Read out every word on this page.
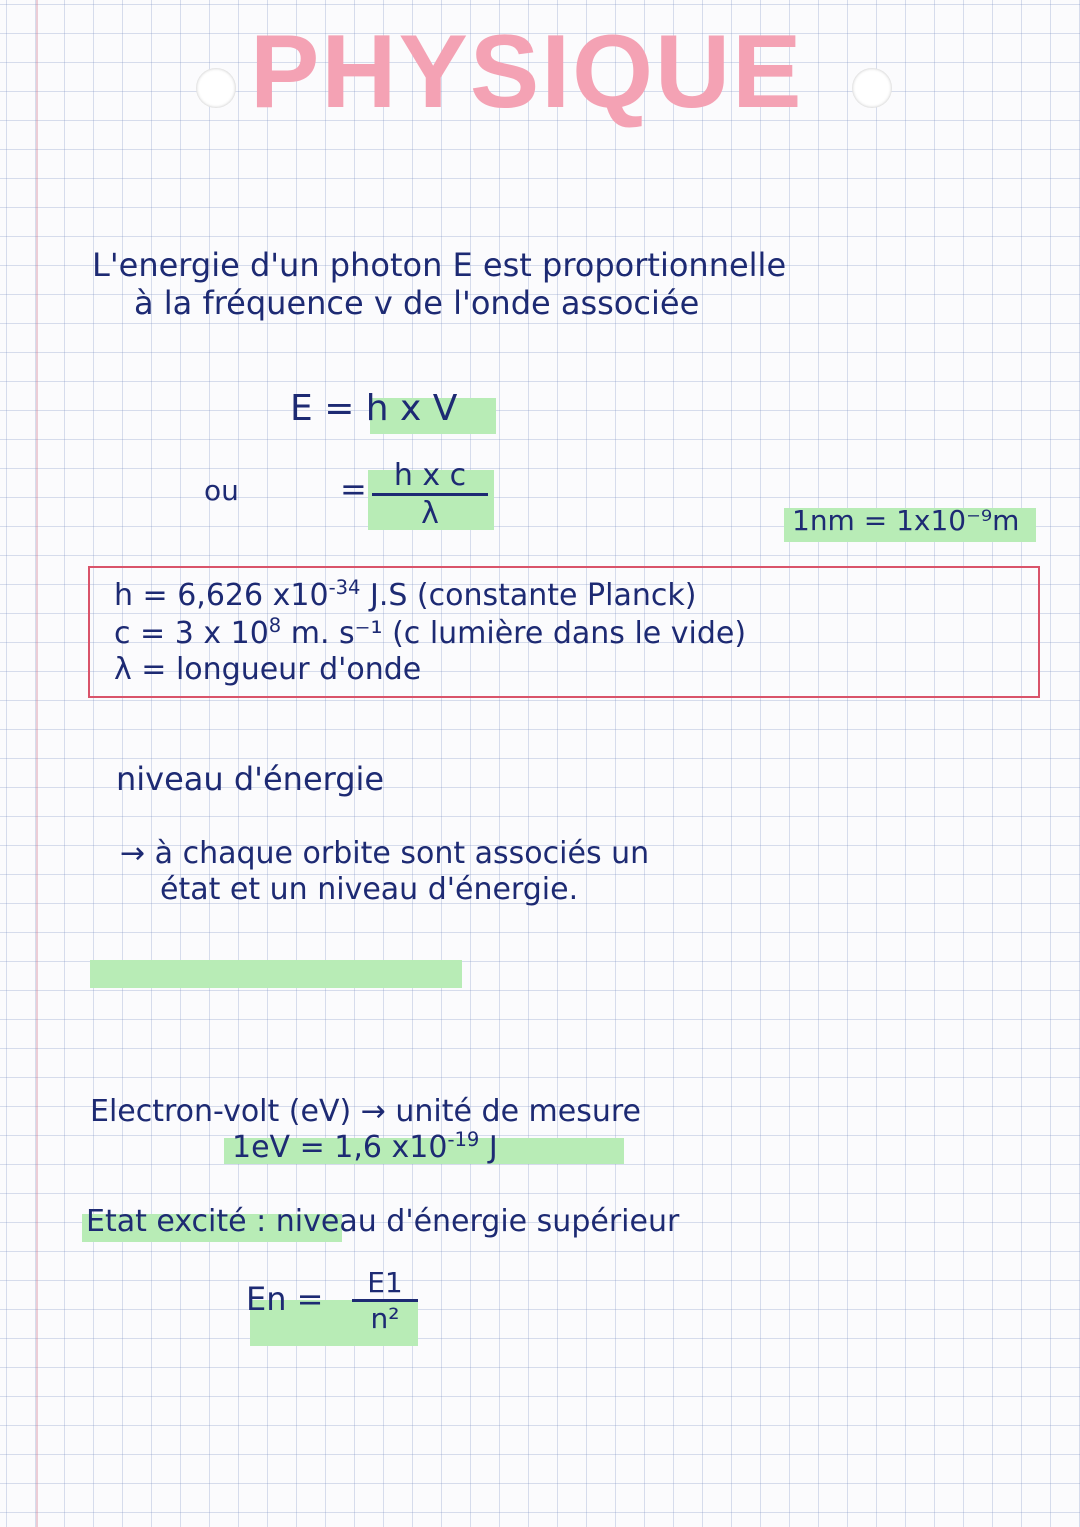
PHYSIQUE
L'energie d'un photon E est proportionnelle
à la fréquence v de l'onde associée
E = h x V
ou	= $\frac{\text{h x c}}{\lambda}$	1nm = 1x10⁻⁹m
h = 6,626 $x10^{-34}$ J.S (constante Planck)
c = 3 x $10^8$ m. s⁻¹ (c lumière dans le vide)
λ = longueur d'onde
niveau d'énergie
→ à chaque orbite sont associés un
état et un niveau d'énergie.
Electron-volt (eV) → unité de mesure
1eV = 1,6 $x10^{-19}$ J
Etat excité : niveau d'énergie supérieur
$En = \frac{E1}{\text{n²}}$
